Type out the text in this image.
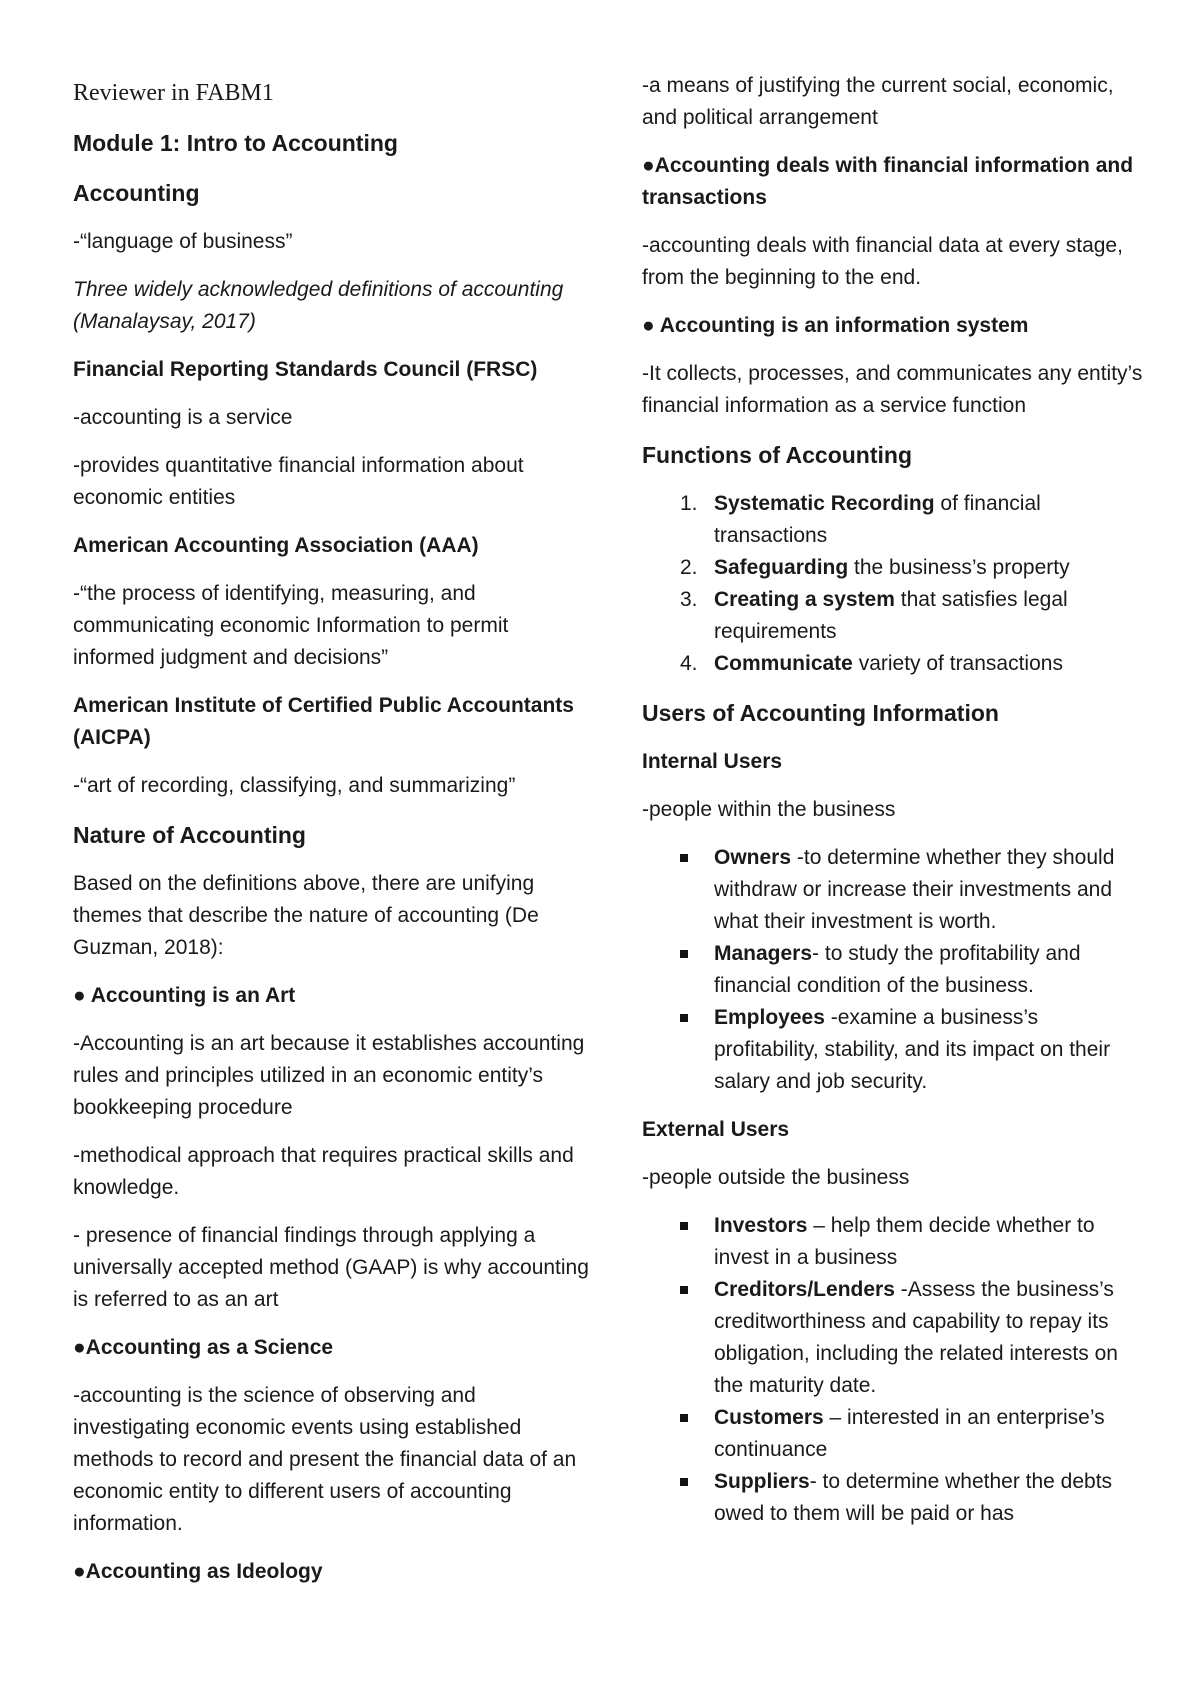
Reviewer in FABM1
Module 1: Intro to Accounting
Accounting

-“language of business”

Three widely acknowledged definitions of accounting (Manalaysay, 2017)

Financial Reporting Standards Council (FRSC)

-accounting is a service

-provides quantitative financial information about economic entities

American Accounting Association (AAA)

-“the process of identifying, measuring, and communicating economic Information to permit informed judgment and decisions”

American Institute of Certified Public Accountants (AICPA)

-“art of recording, classifying, and summarizing”

Nature of Accounting

Based on the definitions above, there are unifying themes that describe the nature of accounting (De Guzman, 2018):

● Accounting is an Art

-Accounting is an art because it establishes accounting rules and principles utilized in an economic entity’s bookkeeping procedure

-methodical approach that requires practical skills and knowledge.

- presence of financial findings through applying a universally accepted method (GAAP) is why accounting is referred to as an art

●Accounting as a Science

-accounting is the science of observing and investigating economic events using established methods to record and present the financial data of an economic entity to different users of accounting information.

●Accounting as Ideology

-a means of justifying the current social, economic, and political arrangement

●Accounting deals with financial information and transactions

-accounting deals with financial data at every stage, from the beginning to the end.

● Accounting is an information system

-It collects, processes, and communicates any entity’s financial information as a service function

Functions of Accounting
1. Systematic Recording of financial transactions
2. Safeguarding the business’s property
3. Creating a system that satisfies legal requirements
4. Communicate variety of transactions
Users of Accounting Information
Internal Users

-people within the business

Owners -to determine whether they should withdraw or increase their investments and what their investment is worth.
Managers- to study the profitability and financial condition of the business.
Employees -examine a business’s profitability, stability, and its impact on their salary and job security.
External Users

-people outside the business

Investors – help them decide whether to invest in a business
Creditors/Lenders -Assess the business’s creditworthiness and capability to repay its obligation, including the related interests on the maturity date.
Customers – interested in an enterprise’s continuance
Suppliers- to determine whether the debts owed to them will be paid or has
